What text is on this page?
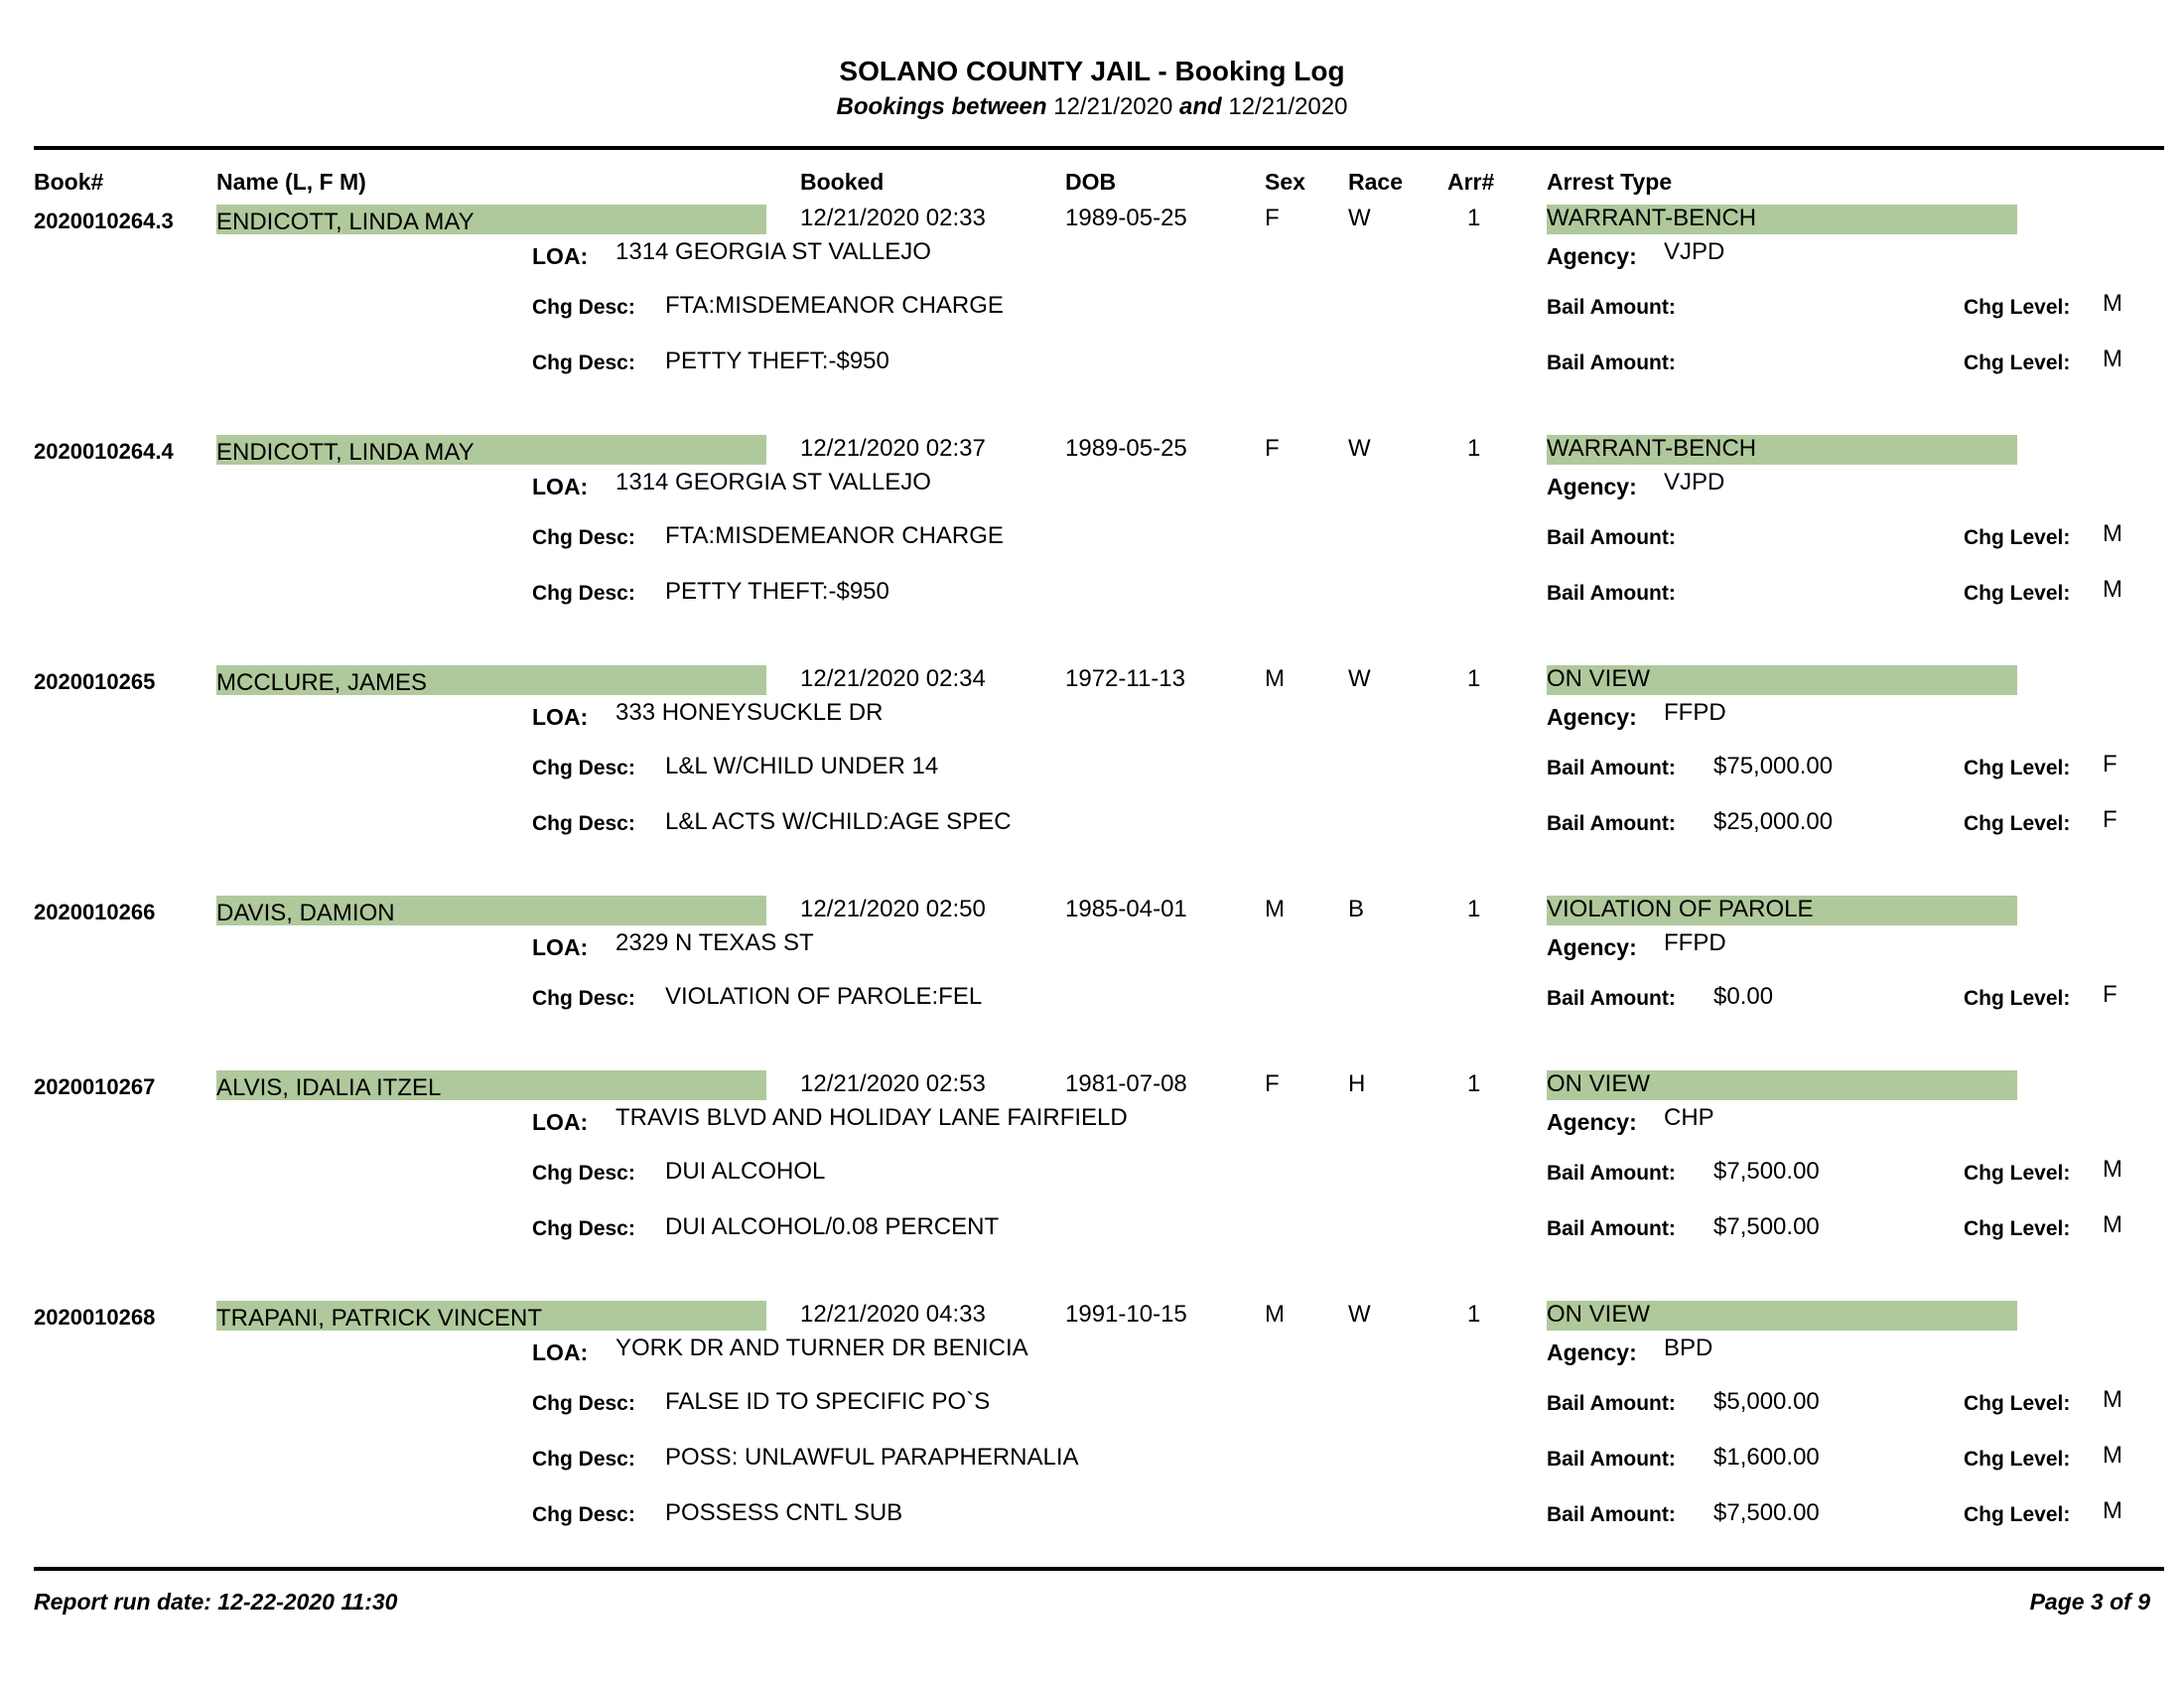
SOLANO COUNTY JAIL - Booking Log
Bookings between 12/21/2020 and 12/21/2020
Book#	Name (L, F M)	Booked	DOB	Sex Race Arr# Arrest Type
2020010264.3 ENDICOTT, LINDA MAY	12/21/2020 02:33	1989-05-25	F	W	1	WARRANT-BENCH
LOA: 1314 GEORGIA ST VALLEJO	Agency: VJPD
Chg Desc: FTA:MISDEMEANOR CHARGE	Bail Amount:	Chg Level: M
Chg Desc: PETTY THEFT:-$950	Bail Amount:	Chg Level: M
2020010264.4 ENDICOTT, LINDA MAY	12/21/2020 02:37	1989-05-25	F	W	1	WARRANT-BENCH
LOA: 1314 GEORGIA ST VALLEJO	Agency: VJPD
Chg Desc: FTA:MISDEMEANOR CHARGE	Bail Amount:	Chg Level: M
Chg Desc: PETTY THEFT:-$950	Bail Amount:	Chg Level: M
2020010265	MCCLURE, JAMES	12/21/2020 02:34	1972-11-13	M	W	1	ON VIEW
LOA: 333 HONEYSUCKLE DR	Agency: FFPD
Chg Desc: L&L W/CHILD UNDER 14	Bail Amount: $75,000.00	Chg Level: F
Chg Desc: L&L ACTS W/CHILD:AGE SPEC	Bail Amount: $25,000.00	Chg Level: F
2020010266	DAVIS, DAMION	12/21/2020 02:50	1985-04-01	M	B	1	VIOLATION OF PAROLE
LOA: 2329 N TEXAS ST	Agency: FFPD
Chg Desc: VIOLATION OF PAROLE:FEL	Bail Amount: $0.00	Chg Level: F
2020010267	ALVIS, IDALIA ITZEL	12/21/2020 02:53	1981-07-08	F	H	1	ON VIEW
LOA: TRAVIS BLVD AND HOLIDAY LANE FAIRFIELD	Agency: CHP
Chg Desc: DUI ALCOHOL	Bail Amount: $7,500.00	Chg Level: M
Chg Desc: DUI ALCOHOL/0.08 PERCENT	Bail Amount: $7,500.00	Chg Level: M
2020010268	TRAPANI, PATRICK VINCENT	12/21/2020 04:33	1991-10-15	M	W	1	ON VIEW
LOA: YORK DR AND TURNER DR BENICIA	Agency: BPD
Chg Desc: FALSE ID TO SPECIFIC PO`S	Bail Amount: $5,000.00	Chg Level: M
Chg Desc: POSS: UNLAWFUL PARAPHERNALIA	Bail Amount: $1,600.00	Chg Level: M
Chg Desc: POSSESS CNTL SUB	Bail Amount: $7,500.00	Chg Level: M
Report run date: 12-22-2020 11:30	Page 3 of 9
